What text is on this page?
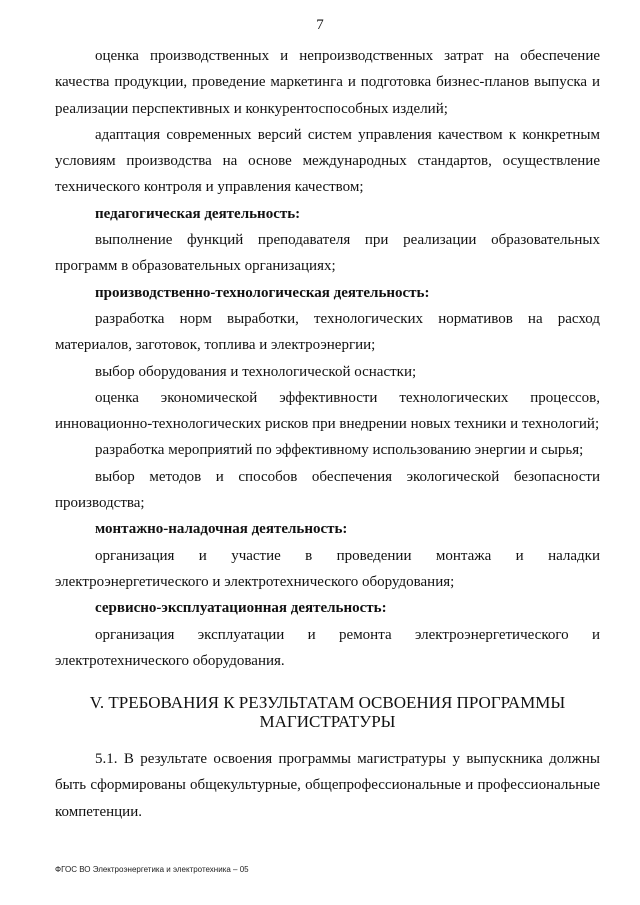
7

оценка производственных и непроизводственных затрат на обеспечение качества продукции, проведение маркетинга и подготовка бизнес-планов выпуска и реализации перспективных и конкурентоспособных изделий;

адаптация современных версий систем управления качеством к конкретным условиям производства на основе международных стандартов, осуществление технического контроля и управления качеством;

педагогическая деятельность:

выполнение функций преподавателя при реализации образовательных программ в образовательных организациях;

производственно-технологическая деятельность:

разработка норм выработки, технологических нормативов на расход материалов, заготовок, топлива и электроэнергии;

выбор оборудования и технологической оснастки;

оценка экономической эффективности технологических процессов, инновационно-технологических рисков при внедрении новых техники и технологий;

разработка мероприятий по эффективному использованию энергии и сырья;

выбор методов и способов обеспечения экологической безопасности производства;

монтажно-наладочная деятельность:

организация и участие в проведении монтажа и наладки электроэнергетического и электротехнического оборудования;

сервисно-эксплуатационная деятельность:

организация эксплуатации и ремонта электроэнергетического и электротехнического оборудования.

V. ТРЕБОВАНИЯ К РЕЗУЛЬТАТАМ ОСВОЕНИЯ ПРОГРАММЫ
МАГИСТРАТУРЫ

5.1. В результате освоения программы магистратуры у выпускника должны быть сформированы общекультурные, общепрофессиональные и профессиональные компетенции.

ФГОС ВО Электроэнергетика и электротехника – 05
